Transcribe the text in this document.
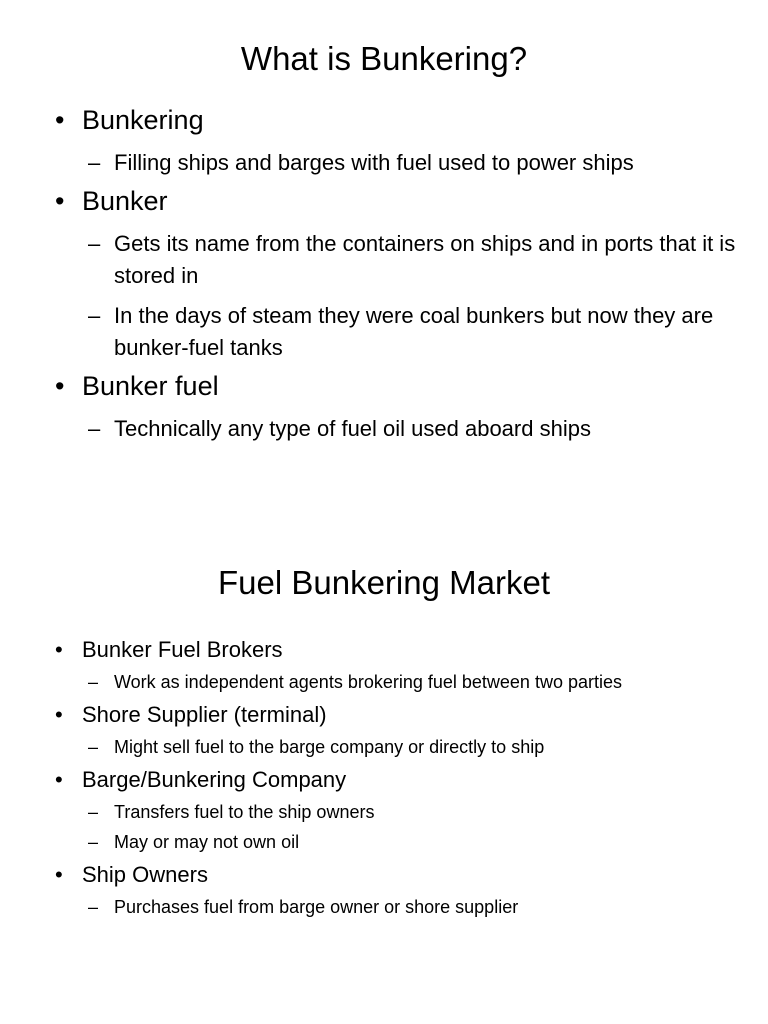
What is Bunkering?
• Bunkering
– Filling ships and barges with fuel used to power ships
• Bunker
– Gets its name from the containers on ships and in ports that it is stored in
– In the days of steam they were coal bunkers but now they are bunker-fuel tanks
• Bunker fuel
– Technically any type of fuel oil used aboard ships
Fuel Bunkering Market
• Bunker Fuel Brokers
– Work as independent agents brokering fuel between two parties
• Shore Supplier (terminal)
– Might sell fuel to the barge company or directly to ship
• Barge/Bunkering Company
– Transfers fuel to the ship owners
– May or may not own oil
• Ship Owners
– Purchases fuel from barge owner or shore supplier
